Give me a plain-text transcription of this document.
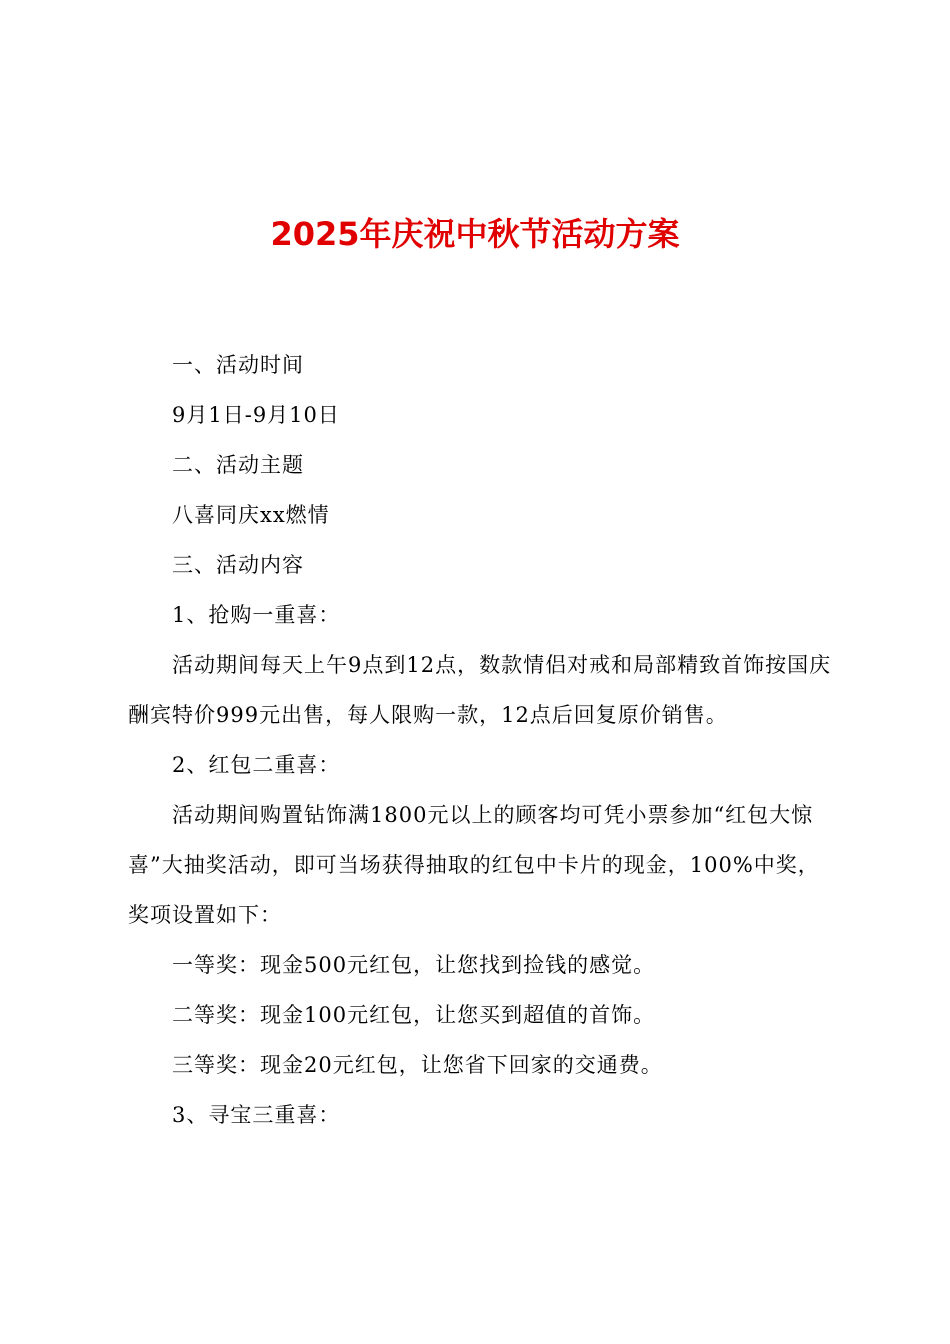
2025年庆祝中秋节活动方案

一、活动时间

9月1日-9月10日

二、活动主题

八喜同庆xx燃情

三、活动内容

1、抢购一重喜：

活动期间每天上午9点到12点，数款情侣对戒和局部精致首饰按国庆酬宾特价999元出售，每人限购一款，12点后回复原价销售。

2、红包二重喜：

活动期间购置钻饰满1800元以上的顾客均可凭小票参加“红包大惊喜”大抽奖活动，即可当场获得抽取的红包中卡片的现金，100%中奖，奖项设置如下：

一等奖：现金500元红包，让您找到捡钱的感觉。

二等奖：现金100元红包，让您买到超值的首饰。

三等奖：现金20元红包，让您省下回家的交通费。

3、寻宝三重喜：
